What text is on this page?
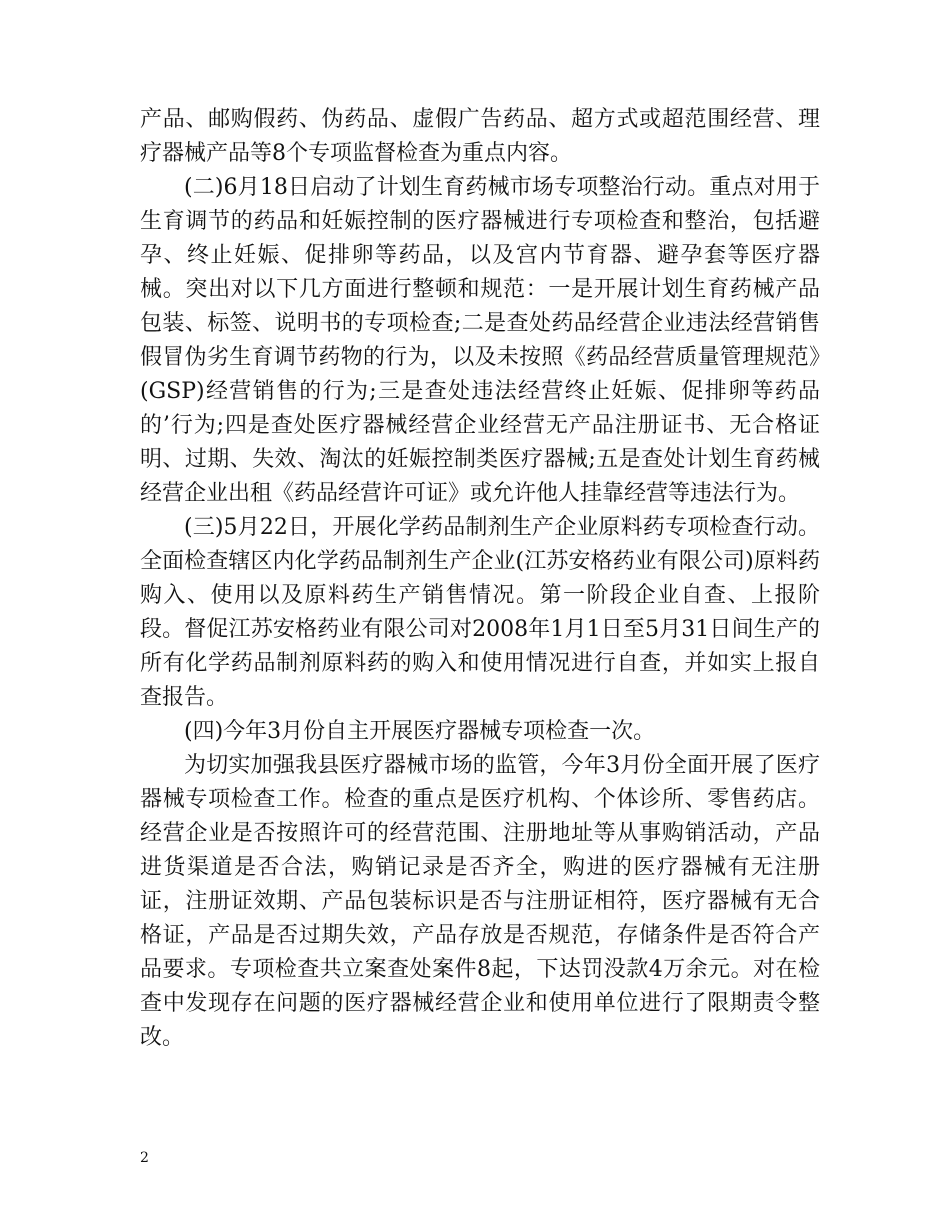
产品、邮购假药、伪药品、虚假广告药品、超方式或超范围经营、理疗器械产品等8个专项监督检查为重点内容。

(二)6月18日启动了计划生育药械市场专项整治行动。重点对用于生育调节的药品和妊娠控制的医疗器械进行专项检查和整治，包括避孕、终止妊娠、促排卵等药品，以及宫内节育器、避孕套等医疗器械。突出对以下几方面进行整顿和规范：一是开展计划生育药械产品包装、标签、说明书的专项检查;二是查处药品经营企业违法经营销售假冒伪劣生育调节药物的行为，以及未按照《药品经营质量管理规范》(GSP)经营销售的行为;三是查处违法经营终止妊娠、促排卵等药品的’行为;四是查处医疗器械经营企业经营无产品注册证书、无合格证明、过期、失效、淘汰的妊娠控制类医疗器械;五是查处计划生育药械经营企业出租《药品经营许可证》或允许他人挂靠经营等违法行为。

(三)5月22日，开展化学药品制剂生产企业原料药专项检查行动。全面检查辖区内化学药品制剂生产企业(江苏安格药业有限公司)原料药购入、使用以及原料药生产销售情况。第一阶段企业自查、上报阶段。督促江苏安格药业有限公司对2008年1月1日至5月31日间生产的所有化学药品制剂原料药的购入和使用情况进行自查，并如实上报自查报告。

(四)今年3月份自主开展医疗器械专项检查一次。

为切实加强我县医疗器械市场的监管，今年3月份全面开展了医疗器械专项检查工作。检查的重点是医疗机构、个体诊所、零售药店。经营企业是否按照许可的经营范围、注册地址等从事购销活动，产品进货渠道是否合法，购销记录是否齐全，购进的医疗器械有无注册证，注册证效期、产品包装标识是否与注册证相符，医疗器械有无合格证，产品是否过期失效，产品存放是否规范，存储条件是否符合产品要求。专项检查共立案查处案件8起，下达罚没款4万余元。对在检查中发现存在问题的医疗器械经营企业和使用单位进行了限期责令整改。

2
